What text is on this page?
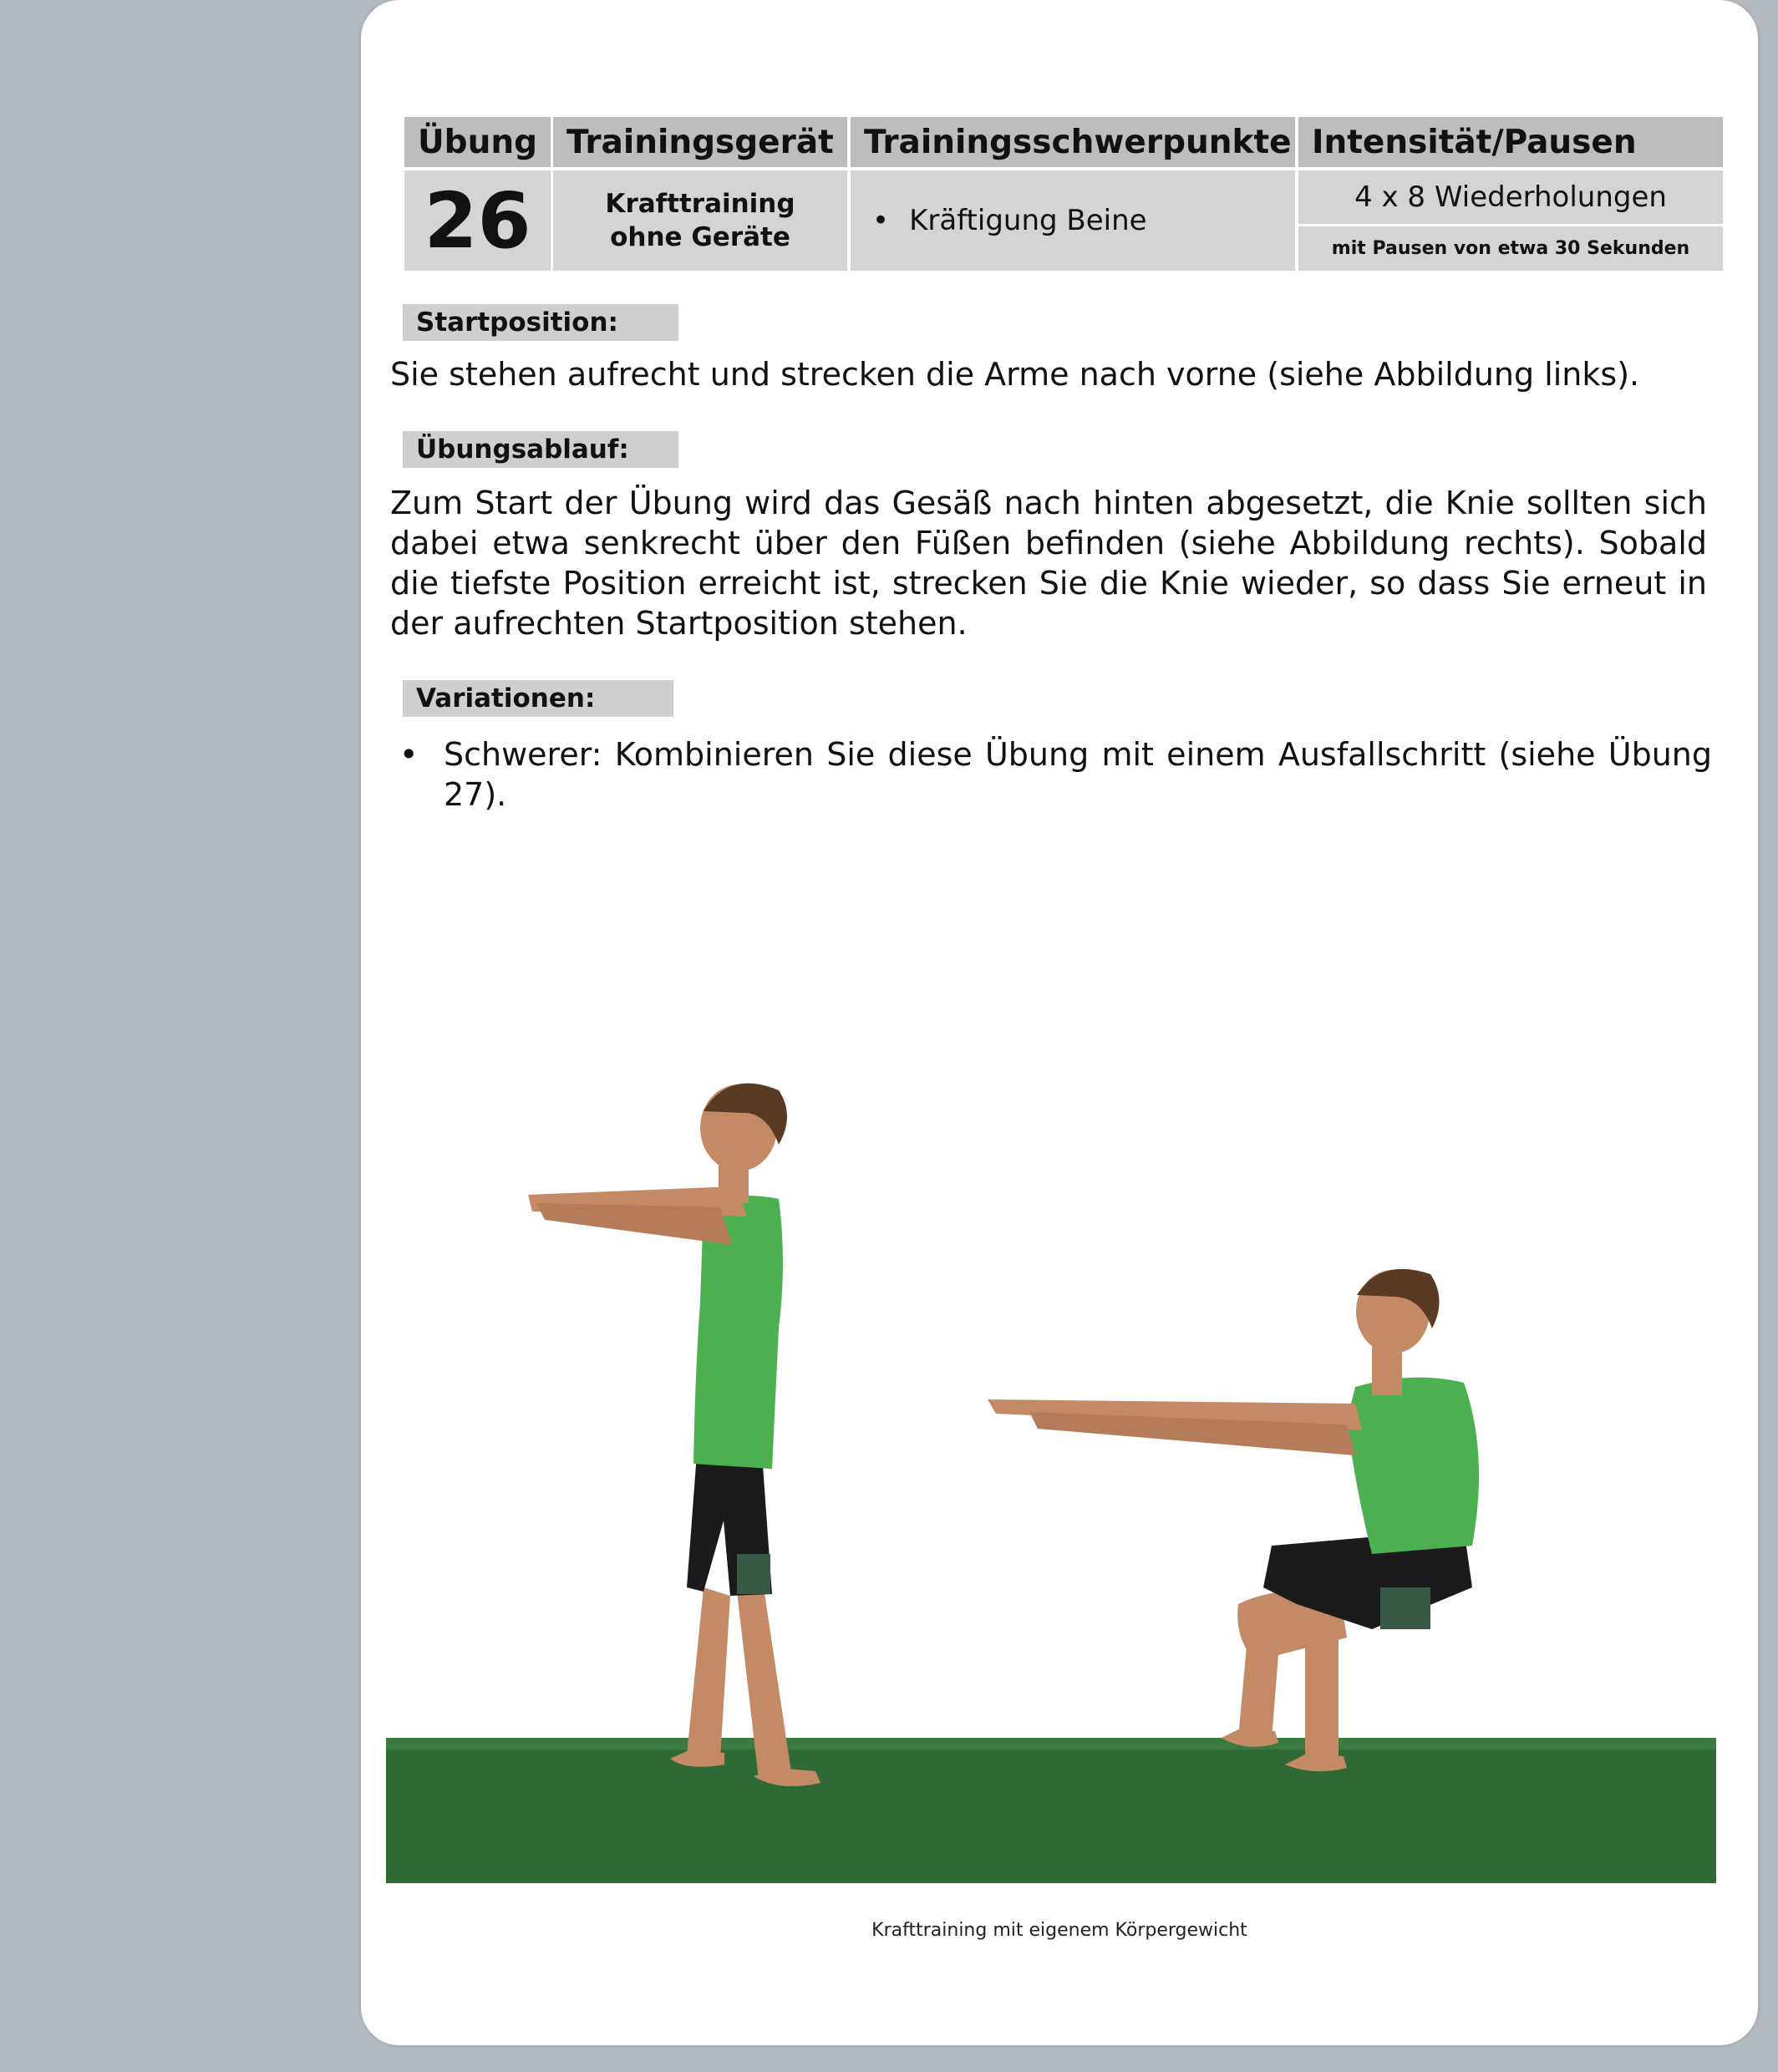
Übung Trainingsgerät Trainingsschwerpunkte Intensität/Pausen
26	Krafttraining
ohne Geräte	• Kräftigung Beine
4 x 8 Wiederholungen
mit Pausen von etwa 30 Sekunden
Startposition:
Sie stehen aufrecht und strecken die Arme nach vorne (siehe Abbildung links).
Übungsablauf:
Zum Start der Übung wird das Gesäß nach hinten abgesetzt, die Knie sollten sich dabei etwa senkrecht über den Füßen befinden (siehe Abbildung rechts). Sobald die tiefste Position erreicht ist, strecken Sie die Knie wieder, so dass Sie erneut in der aufrechten Startposition stehen.
Variationen:
• Schwerer: Kombinieren Sie diese Übung mit einem Ausfallschritt (siehe Übung 27).
Krafttraining mit eigenem Körpergewicht
